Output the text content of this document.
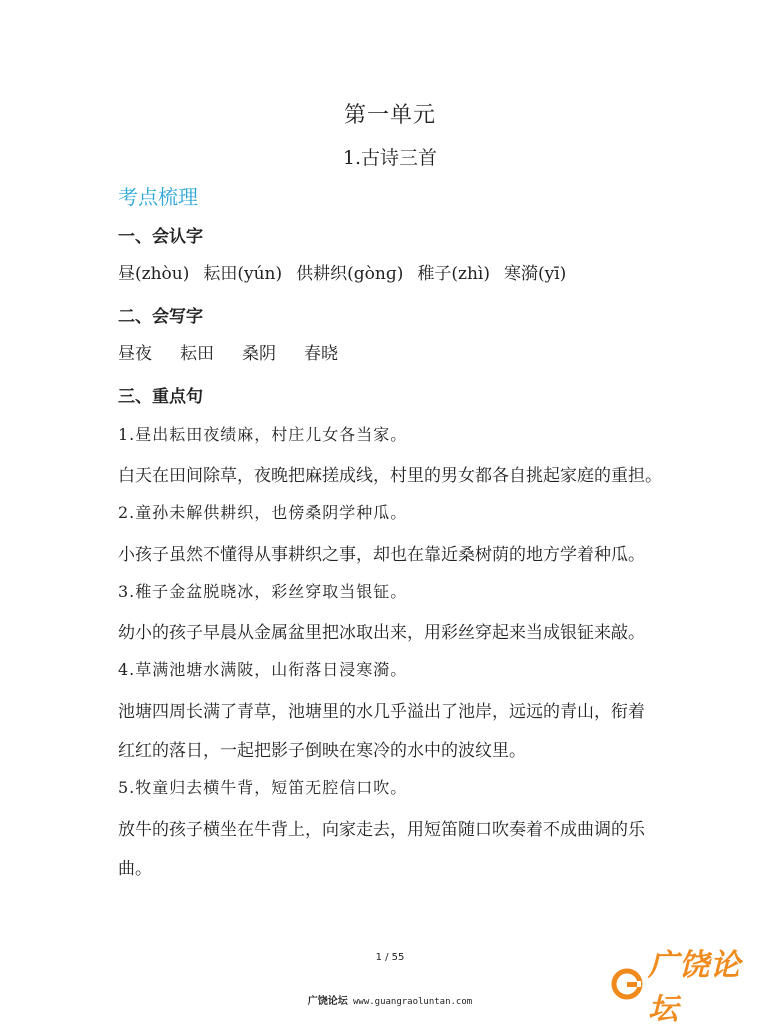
第一单元
1.古诗三首
考点梳理
一、会认字
昼(zhòu) 耘田(yún) 供耕织(gònɡ) 稚子(zhì) 寒漪(yī)
二、会写字
昼夜 耘田 桑阴 春晓
三、重点句
1.昼出耘田夜绩麻，村庄儿女各当家。
白天在田间除草，夜晚把麻搓成线，村里的男女都各自挑起家庭的重担。
2.童孙未解供耕织，也傍桑阴学种瓜。
小孩子虽然不懂得从事耕织之事，却也在靠近桑树荫的地方学着种瓜。
3.稚子金盆脱晓冰，彩丝穿取当银钲。
幼小的孩子早晨从金属盆里把冰取出来，用彩丝穿起来当成银钲来敲。
4.草满池塘水满陂，山衔落日浸寒漪。
池塘四周长满了青草，池塘里的水几乎溢出了池岸，远远的青山，衔着
红红的落日，一起把影子倒映在寒冷的水中的波纹里。
5.牧童归去横牛背，短笛无腔信口吹。
放牛的孩子横坐在牛背上，向家走去，用短笛随口吹奏着不成曲调的乐
曲。
1 / 55
广饶论坛 www.guangraoluntan.com
广饶论坛
